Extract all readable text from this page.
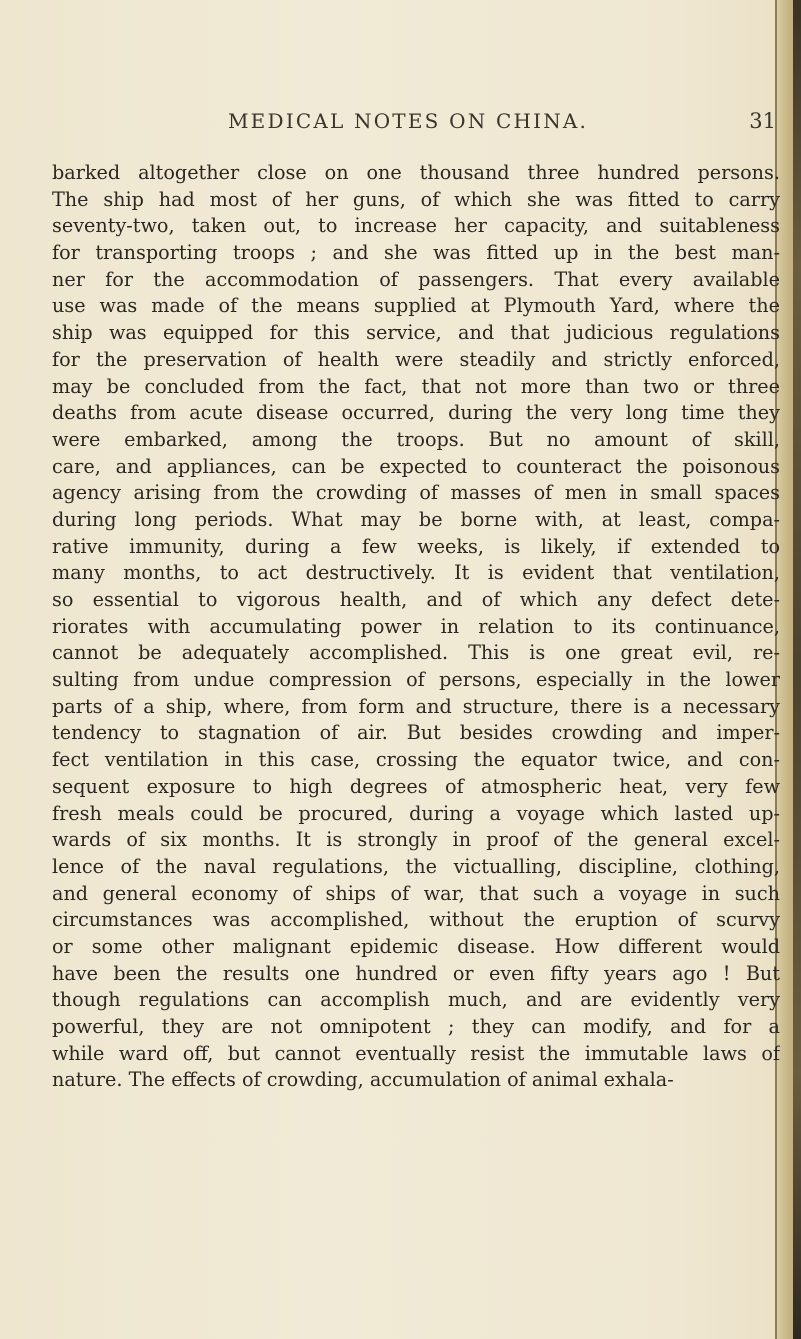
MEDICAL NOTES ON CHINA.	31
barked altogether close on one thousand three hundred persons.
The ship had most of her guns, of which she was fitted to carry
seventy-two, taken out, to increase her capacity, and suitableness
for transporting troops ; and she was fitted up in the best man-
ner for the accommodation of passengers. That every available
use was made of the means supplied at Plymouth Yard, where the
ship was equipped for this service, and that judicious regulations
for the preservation of health were steadily and strictly enforced,
may be concluded from the fact, that not more than two or three
deaths from acute disease occurred, during the very long time they
were embarked, among the troops. But no amount of skill,
care, and appliances, can be expected to counteract the poisonous
agency arising from the crowding of masses of men in small spaces
during long periods. What may be borne with, at least, compa-
rative immunity, during a few weeks, is likely, if extended to
many months, to act destructively. It is evident that ventilation,
so essential to vigorous health, and of which any defect dete-
riorates with accumulating power in relation to its continuance,
cannot be adequately accomplished. This is one great evil, re-
sulting from undue compression of persons, especially in the lower
parts of a ship, where, from form and structure, there is a necessary
tendency to stagnation of air. But besides crowding and imper-
fect ventilation in this case, crossing the equator twice, and con-
sequent exposure to high degrees of atmospheric heat, very few
fresh meals could be procured, during a voyage which lasted up-
wards of six months. It is strongly in proof of the general excel-
lence of the naval regulations, the victualling, discipline, clothing,
and general economy of ships of war, that such a voyage in such
circumstances was accomplished, without the eruption of scurvy
or some other malignant epidemic disease. How different would
have been the results one hundred or even fifty years ago ! But
though regulations can accomplish much, and are evidently very
powerful, they are not omnipotent ; they can modify, and for a
while ward off, but cannot eventually resist the immutable laws of
nature. The effects of crowding, accumulation of animal exhala-
